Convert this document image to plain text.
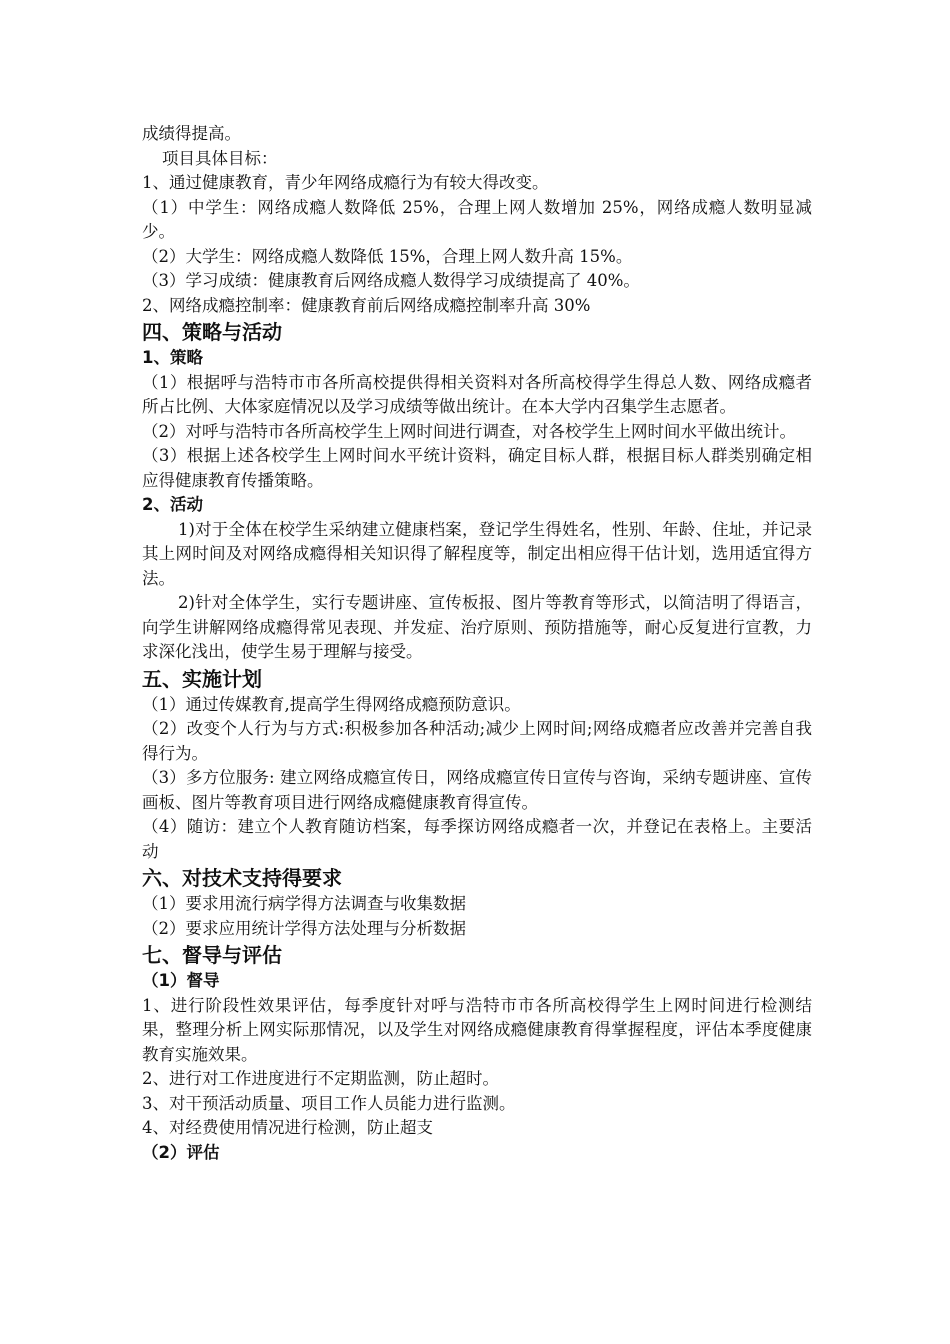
成绩得提高。

项目具体目标：

1、通过健康教育，青少年网络成瘾行为有较大得改变。

（1）中学生：网络成瘾人数降低 25%，合理上网人数增加 25%，网络成瘾人数明显减少。

（2）大学生：网络成瘾人数降低 15%，合理上网人数升高 15%。

（3）学习成绩：健康教育后网络成瘾人数得学习成绩提高了 40%。

2、网络成瘾控制率：健康教育前后网络成瘾控制率升高 30%

四、策略与活动
1、策略

（1）根据呼与浩特市市各所高校提供得相关资料对各所高校得学生得总人数、网络成瘾者所占比例、大体家庭情况以及学习成绩等做出统计。在本大学内召集学生志愿者。

（2）对呼与浩特市各所高校学生上网时间进行调查，对各校学生上网时间水平做出统计。

（3）根据上述各校学生上网时间水平统计资料，确定目标人群，根据目标人群类别确定相应得健康教育传播策略。

2、活动

1)对于全体在校学生采纳建立健康档案，登记学生得姓名，性别、年龄、住址，并记录其上网时间及对网络成瘾得相关知识得了解程度等，制定出相应得干估计划，选用适宜得方法。

2)针对全体学生，实行专题讲座、宣传板报、图片等教育等形式，以简洁明了得语言，向学生讲解网络成瘾得常见表现、并发症、治疗原则、预防措施等，耐心反复进行宣教，力求深化浅出，使学生易于理解与接受。

五、实施计划

（1）通过传媒教育,提高学生得网络成瘾预防意识。

（2）改变个人行为与方式:积极参加各种活动;减少上网时间;网络成瘾者应改善并完善自我得行为。

（3）多方位服务: 建立网络成瘾宣传日，网络成瘾宣传日宣传与咨询，采纳专题讲座、宣传画板、图片等教育项目进行网络成瘾健康教育得宣传。

（4）随访：建立个人教育随访档案，每季探访网络成瘾者一次，并登记在表格上。主要活动

六、对技术支持得要求

（1）要求用流行病学得方法调查与收集数据

（2）要求应用统计学得方法处理与分析数据

七、督导与评估
（1）督导

1、进行阶段性效果评估，每季度针对呼与浩特市市各所高校得学生上网时间进行检测结果，整理分析上网实际那情况，以及学生对网络成瘾健康教育得掌握程度，评估本季度健康教育实施效果。

2、进行对工作进度进行不定期监测，防止超时。

3、对干预活动质量、项目工作人员能力进行监测。

4、对经费使用情况进行检测，防止超支

（2）评估
